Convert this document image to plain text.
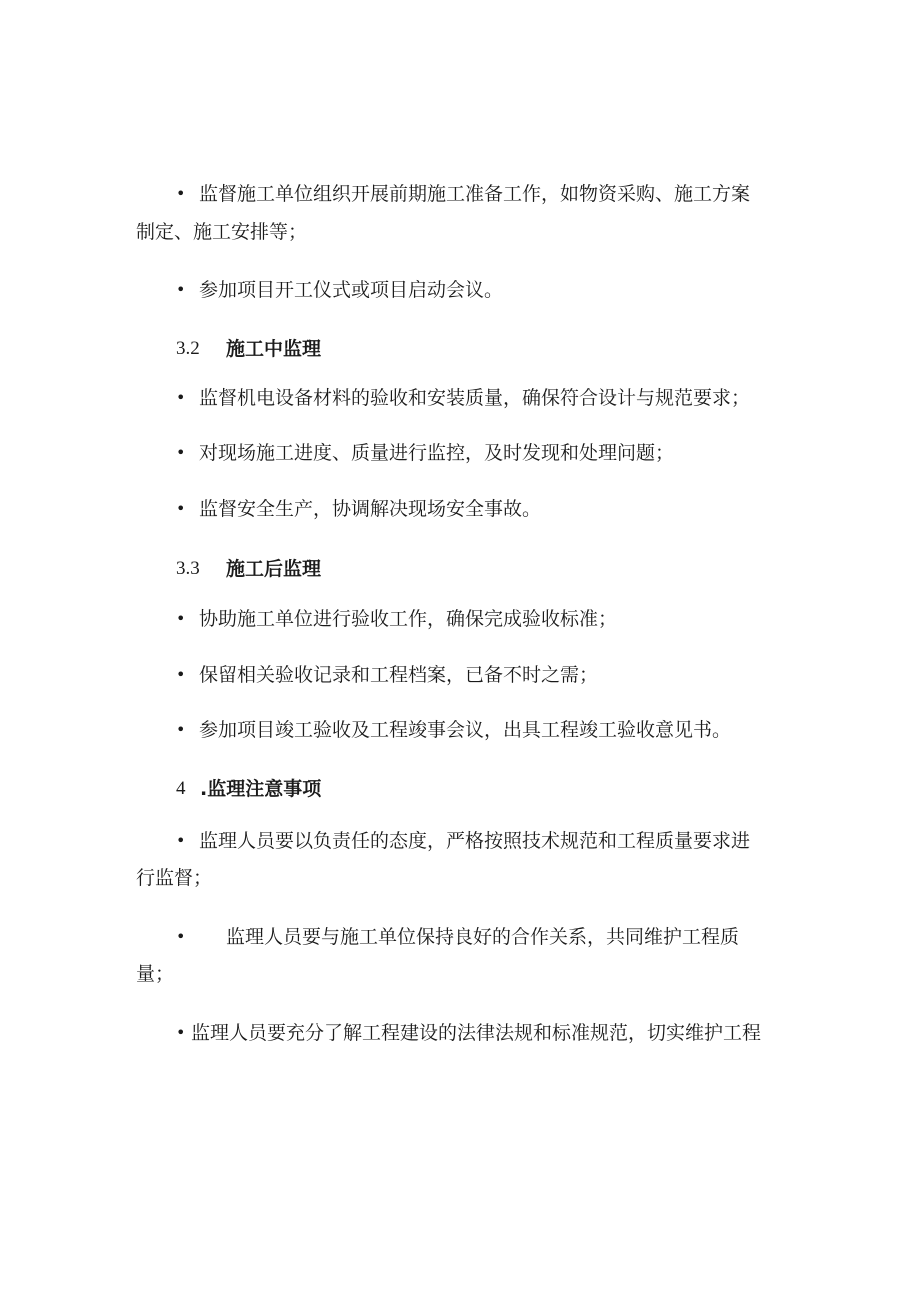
• 监督施工单位组织开展前期施工准备工作，如物资采购、施工方案
制定、施工安排等；
• 参加项目开工仪式或项目启动会议。
3.2 施工中监理
• 监督机电设备材料的验收和安装质量，确保符合设计与规范要求；
• 对现场施工进度、质量进行监控，及时发现和处理问题；
• 监督安全生产，协调解决现场安全事故。
3.3 施工后监理
• 协助施工单位进行验收工作，确保完成验收标准；
• 保留相关验收记录和工程档案，已备不时之需；
• 参加项目竣工验收及工程竣事会议，出具工程竣工验收意见书。
4 .监理注意事项
• 监理人员要以负责任的态度，严格按照技术规范和工程质量要求进
行监督；
• 监理人员要与施工单位保持良好的合作关系，共同维护工程质
量；
• 监理人员要充分了解工程建设的法律法规和标准规范，切实维护工程
